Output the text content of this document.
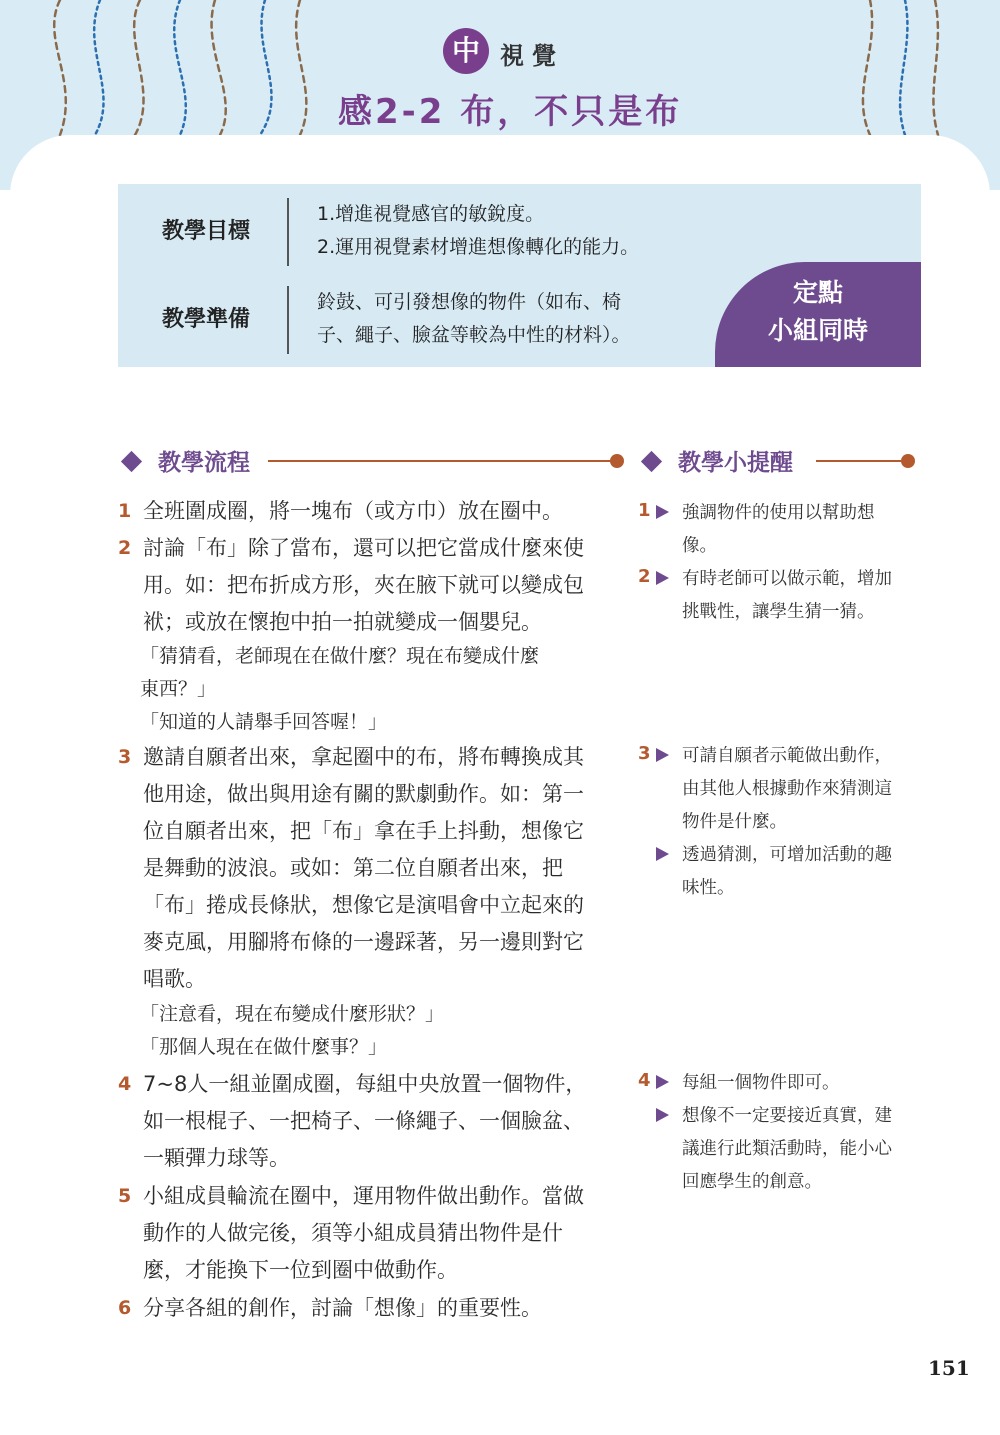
中 視覺
感2-2 布，不只是布
教學目標
1.增進視覺感官的敏銳度。
2.運用視覺素材增進想像轉化的能力。
教學準備
鈴鼓、可引發想像的物件（如布、椅
子、繩子、臉盆等較為中性的材料）。
定點
小組同時
教學流程	教學小提醒
1 全班圍成圈，將一塊布（或方巾）放在圈中。
2 討論「布」除了當布，還可以把它當成什麼來使
用。如：把布折成方形，夾在腋下就可以變成包
袱；或放在懷抱中拍一拍就變成一個嬰兒。
「猜猜看，老師現在在做什麼？現在布變成什麼
東西？」
「知道的人請舉手回答喔！」
3 邀請自願者出來，拿起圈中的布，將布轉換成其
他用途，做出與用途有關的默劇動作。如：第一
位自願者出來，把「布」拿在手上抖動，想像它
是舞動的波浪。或如：第二位自願者出來，把
「布」捲成長條狀，想像它是演唱會中立起來的
麥克風，用腳將布條的一邊踩著，另一邊則對它
唱歌。
「注意看，現在布變成什麼形狀？」
「那個人現在在做什麼事？」
4 7~8人一組並圍成圈，每組中央放置一個物件，
如一根棍子、一把椅子、一條繩子、一個臉盆、
一顆彈力球等。
5 小組成員輪流在圈中，運用物件做出動作。當做
動作的人做完後，須等小組成員猜出物件是什
麼，才能換下一位到圈中做動作。
6 分享各組的創作，討論「想像」的重要性。
1 強調物件的使用以幫助想
像。
2 有時老師可以做示範，增加
挑戰性，讓學生猜一猜。
3 可請自願者示範做出動作，
由其他人根據動作來猜測這
物件是什麼。
透過猜測，可增加活動的趣
味性。
4 每組一個物件即可。
想像不一定要接近真實，建
議進行此類活動時，能小心
回應學生的創意。
151
